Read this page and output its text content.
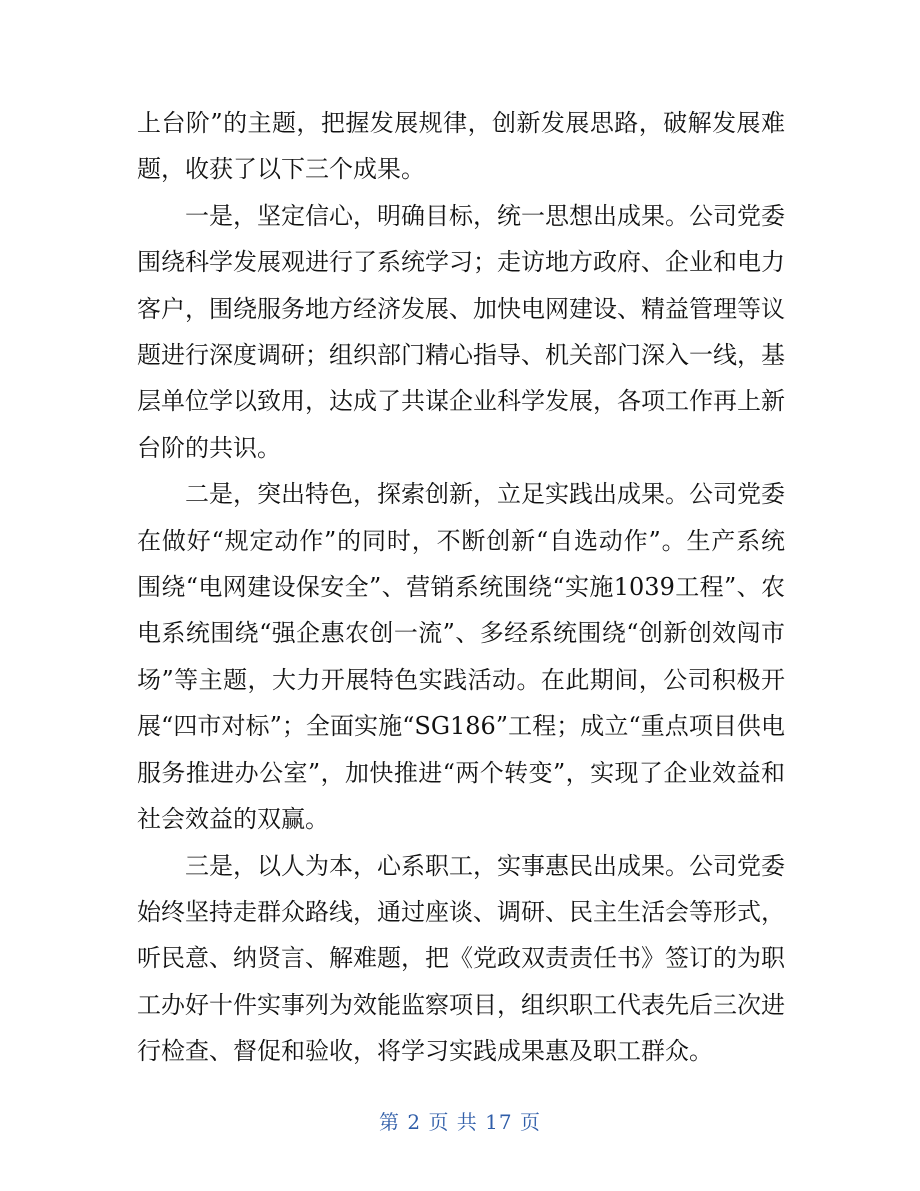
上台阶”的主题，把握发展规律，创新发展思路，破解发展难题，收获了以下三个成果。

一是，坚定信心，明确目标，统一思想出成果。公司党委围绕科学发展观进行了系统学习；走访地方政府、企业和电力客户，围绕服务地方经济发展、加快电网建设、精益管理等议题进行深度调研；组织部门精心指导、机关部门深入一线，基层单位学以致用，达成了共谋企业科学发展，各项工作再上新台阶的共识。

二是，突出特色，探索创新，立足实践出成果。公司党委在做好“规定动作”的同时，不断创新“自选动作”。生产系统围绕“电网建设保安全”、营销系统围绕“实施1039工程”、农电系统围绕“强企惠农创一流”、多经系统围绕“创新创效闯市场”等主题，大力开展特色实践活动。在此期间，公司积极开展“四市对标”；全面实施“SG186”工程；成立“重点项目供电服务推进办公室”，加快推进“两个转变”，实现了企业效益和社会效益的双赢。

三是，以人为本，心系职工，实事惠民出成果。公司党委始终坚持走群众路线，通过座谈、调研、民主生活会等形式，听民意、纳贤言、解难题，把《党政双责责任书》签订的为职工办好十件实事列为效能监察项目，组织职工代表先后三次进行检查、督促和验收，将学习实践成果惠及职工群众。

第 2 页 共 17 页
